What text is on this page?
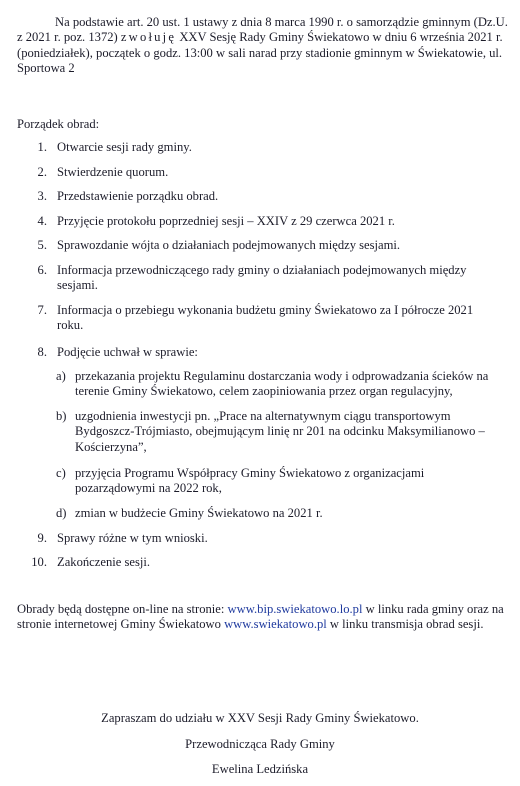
Na podstawie art. 20 ust. 1 ustawy z dnia 8 marca 1990 r. o samorządzie gminnym (Dz.U. z 2021 r. poz. 1372) zwołuję XXV Sesję Rady Gminy Świekatowo w dniu 6 września 2021 r. (poniedziałek), początek o godz. 13:00 w sali narad przy stadionie gminnym w Świekatowie, ul. Sportowa 2
Porządek obrad:
1. Otwarcie sesji rady gminy.
2. Stwierdzenie quorum.
3. Przedstawienie porządku obrad.
4. Przyjęcie protokołu poprzedniej sesji – XXIV z 29 czerwca 2021 r.
5. Sprawozdanie wójta o działaniach podejmowanych między sesjami.
6. Informacja przewodniczącego rady gminy o działaniach podejmowanych między sesjami.
7. Informacja o przebiegu wykonania budżetu gminy Świekatowo za I półrocze 2021 roku.
8. Podjęcie uchwał w sprawie:
a) przekazania projektu Regulaminu dostarczania wody i odprowadzania ścieków na terenie Gminy Świekatowo, celem zaopiniowania przez organ regulacyjny,
b) uzgodnienia inwestycji pn. „Prace na alternatywnym ciągu transportowym Bydgoszcz-Trójmiasto, obejmującym linię nr 201 na odcinku Maksymilianowo – Kościerzyna”,
c) przyjęcia Programu Współpracy Gminy Świekatowo z organizacjami pozarządowymi na 2022 rok,
d) zmian w budżecie Gminy Świekatowo na 2021 r.
9. Sprawy różne w tym wnioski.
10. Zakończenie sesji.
Obrady będą dostępne on-line na stronie: www.bip.swiekatowo.lo.pl w linku rada gminy oraz na stronie internetowej Gminy Świekatowo www.swiekatowo.pl w linku transmisja obrad sesji.
Zapraszam do udziału w XXV Sesji Rady Gminy Świekatowo.
Przewodnicząca Rady Gminy
Ewelina Ledzińska
